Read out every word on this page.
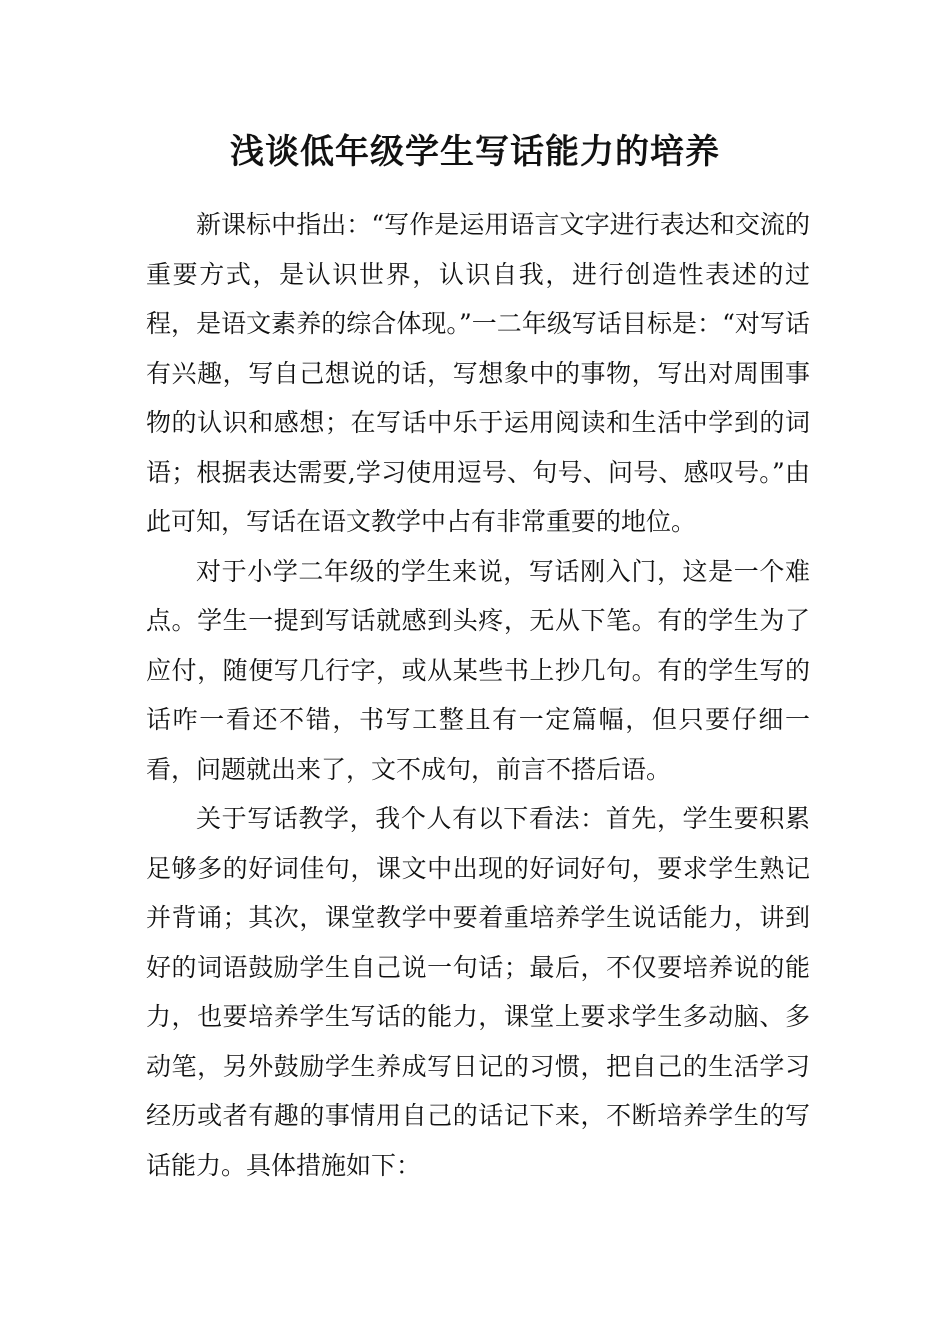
浅谈低年级学生写话能力的培养

新课标中指出：“写作是运用语言文字进行表达和交流的重要方式，是认识世界，认识自我，进行创造性表述的过程，是语文素养的综合体现。”一二年级写话目标是：“对写话有兴趣，写自己想说的话，写想象中的事物，写出对周围事物的认识和感想；在写话中乐于运用阅读和生活中学到的词语；根据表达需要,学习使用逗号、句号、问号、感叹号。”由此可知，写话在语文教学中占有非常重要的地位。

对于小学二年级的学生来说，写话刚入门，这是一个难点。学生一提到写话就感到头疼，无从下笔。有的学生为了应付，随便写几行字，或从某些书上抄几句。有的学生写的话咋一看还不错，书写工整且有一定篇幅，但只要仔细一看，问题就出来了，文不成句，前言不搭后语。

关于写话教学，我个人有以下看法：首先，学生要积累足够多的好词佳句，课文中出现的好词好句，要求学生熟记并背诵；其次，课堂教学中要着重培养学生说话能力，讲到好的词语鼓励学生自己说一句话；最后，不仅要培养说的能力，也要培养学生写话的能力，课堂上要求学生多动脑、多动笔，另外鼓励学生养成写日记的习惯，把自己的生活学习经历或者有趣的事情用自己的话记下来，不断培养学生的写话能力。具体措施如下：
